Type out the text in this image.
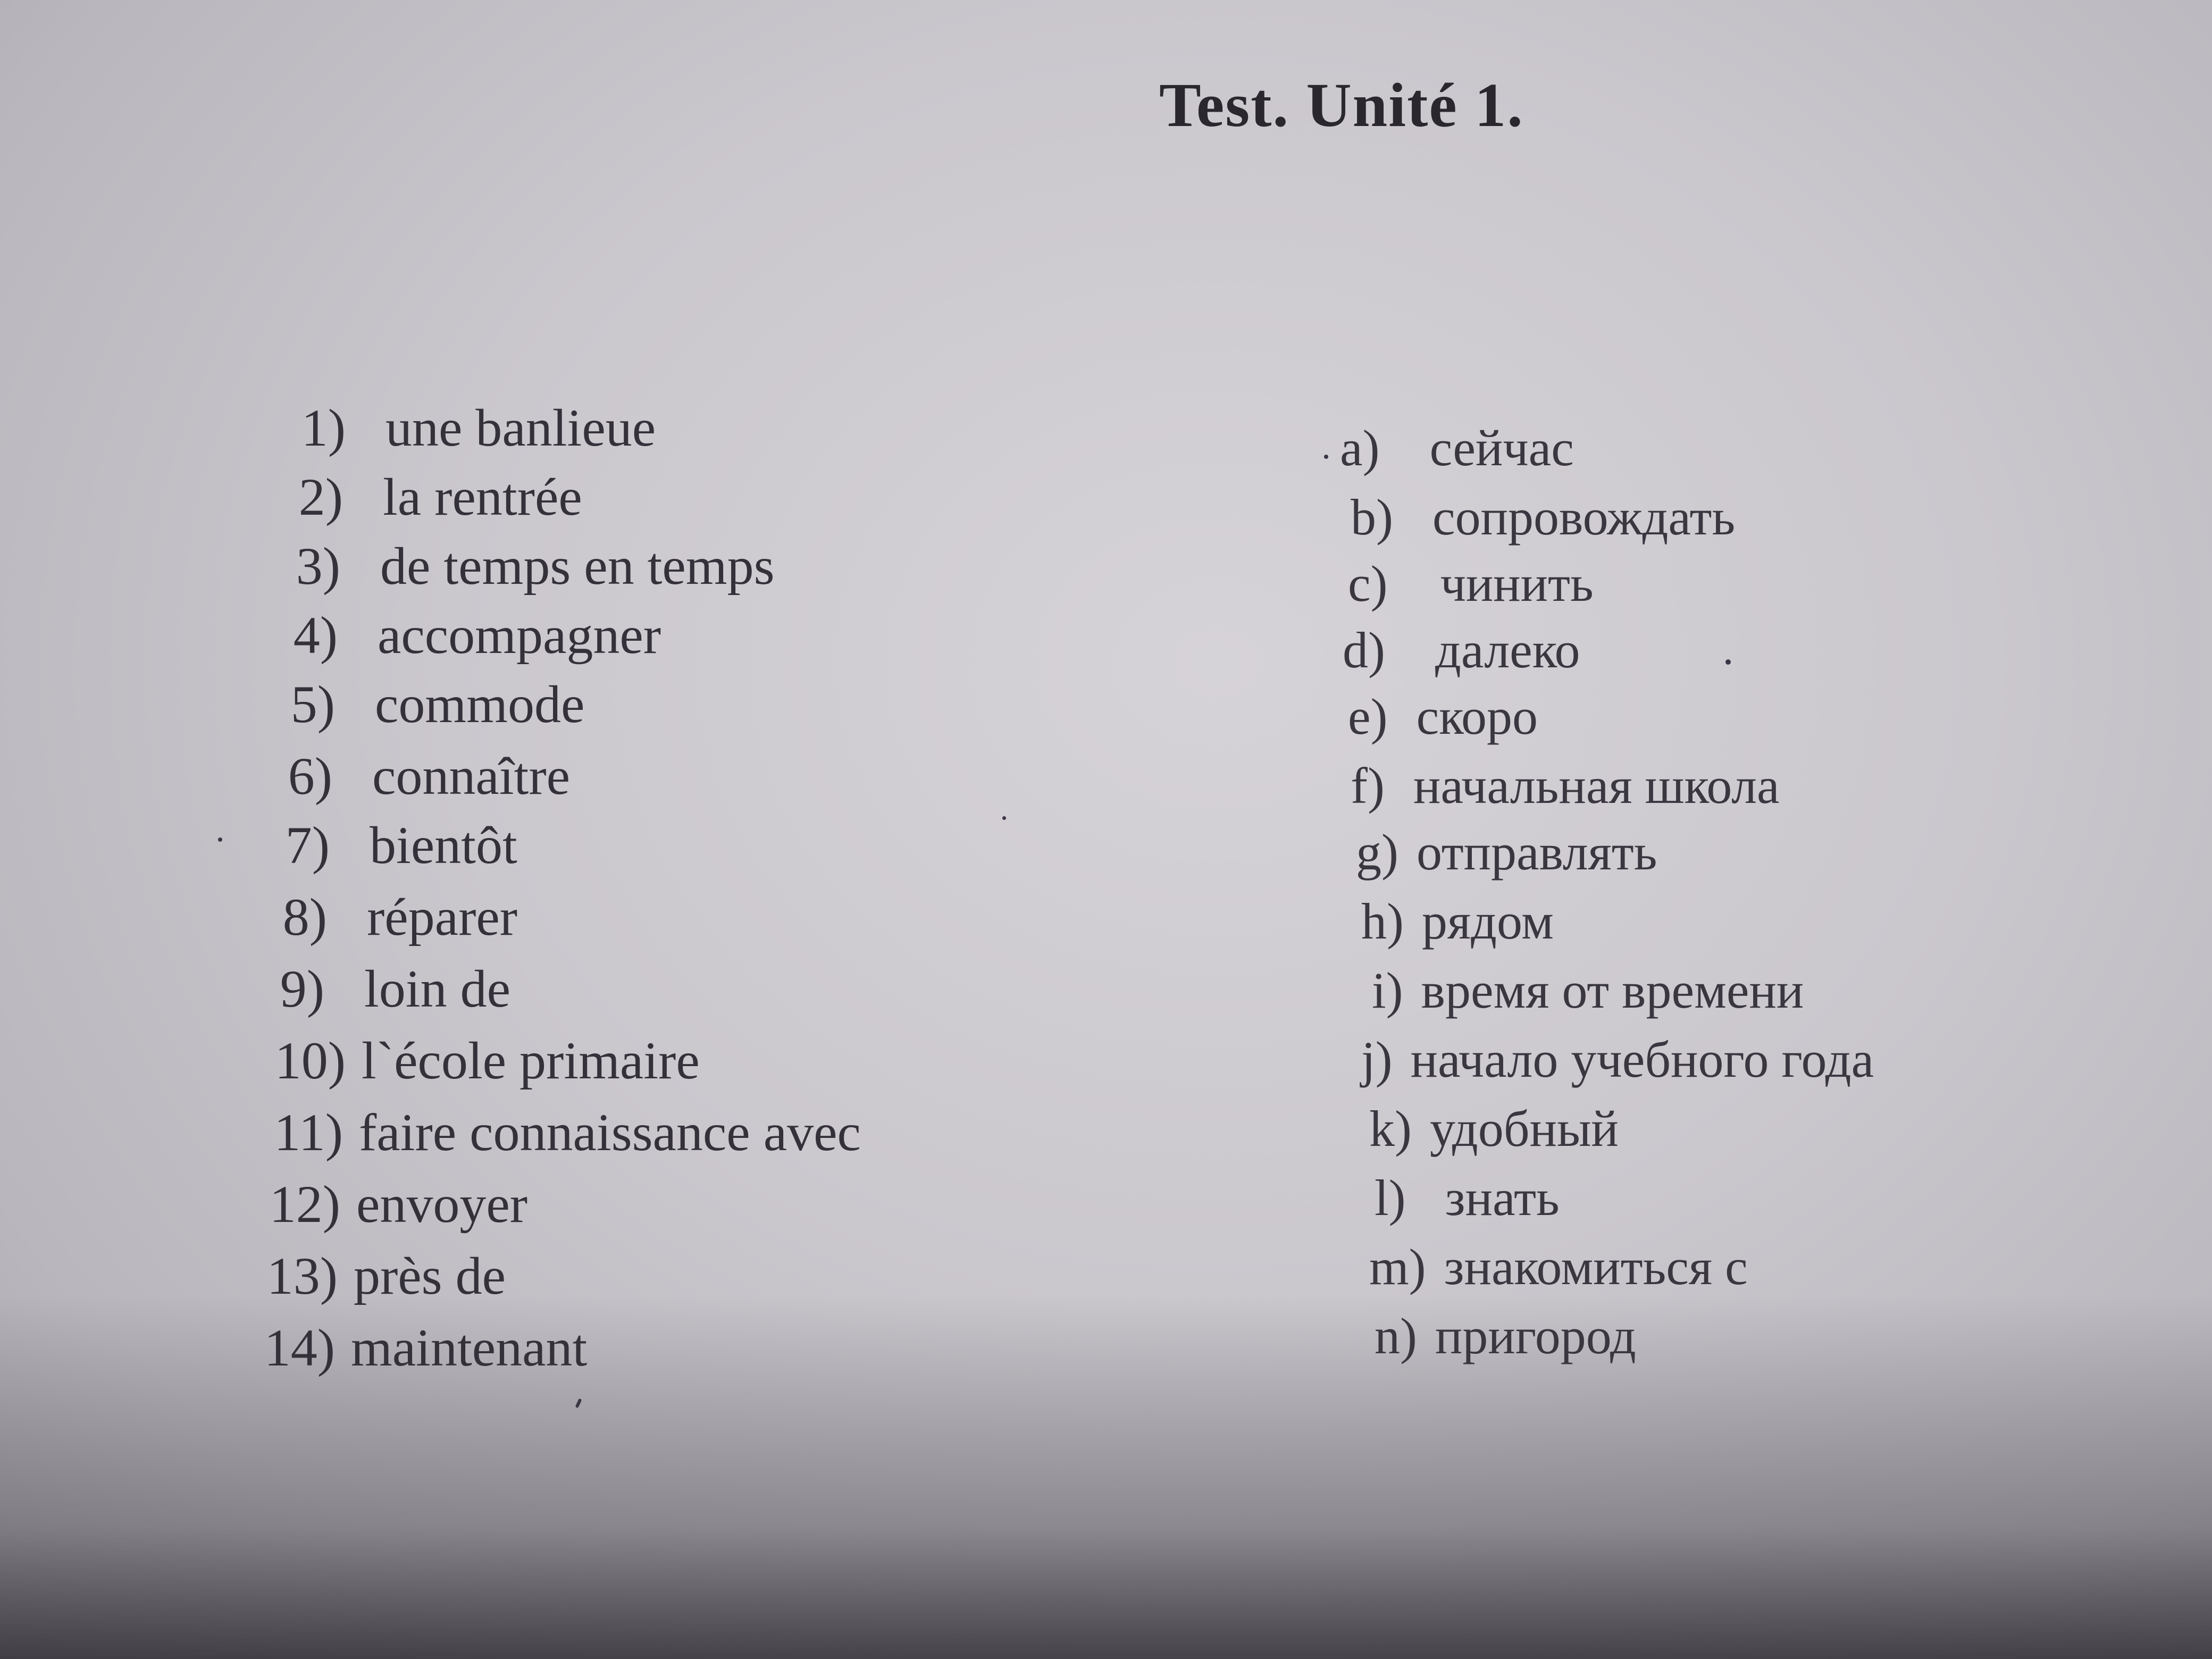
Test. Unité 1.
1) une banlieue
2) la rentrée
3) de temps en temps
4) accompagner
5) commode
6) connaître
7) bientôt
8) réparer
9) loin de
10) l`école primaire
11) faire connaissance avec
12) envoyer
13) près de
14) maintenant
a) сейчас
b) сопровождать
c) чинить
d) далеко
e) скоро
f) начальная школа
g) отправлять
h) рядом
i) время от времени
j) начало учебного года
k) удобный
l) знать
m) знакомиться с
n) пригород
